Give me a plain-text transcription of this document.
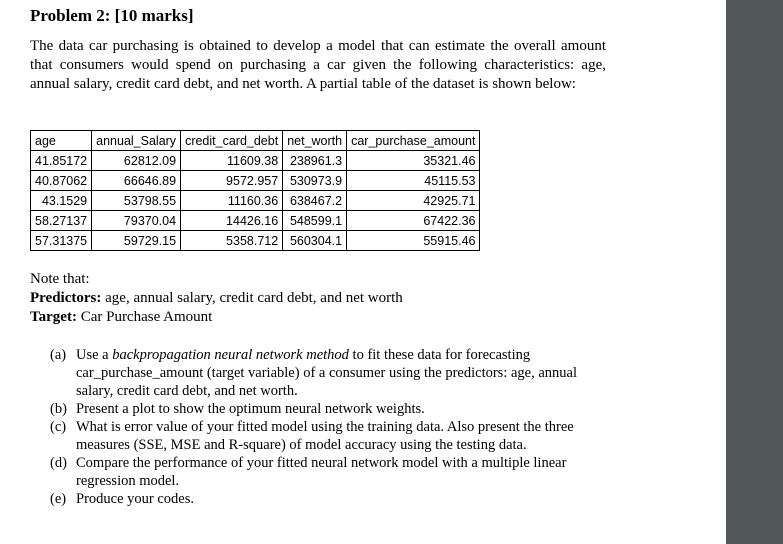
Problem 2: [10 marks]
The data car purchasing is obtained to develop a model that can estimate the overall amount that consumers would spend on purchasing a car given the following characteristics: age, annual salary, credit card debt, and net worth. A partial table of the dataset is shown below:
age	annual_Salary	credit_card_debt	net_worth	car_purchase_amount
41.85172	62812.09	11609.38	238961.3	35321.46
40.87062	66646.89	9572.957	530973.9	45115.53
43.1529	53798.55	11160.36	638467.2	42925.71
58.27137	79370.04	14426.16	548599.1	67422.36
57.31375	59729.15	5358.712	560304.1	55915.46
Note that:
Predictors: age, annual salary, credit card debt, and net worth
Target: Car Purchase Amount
(a) Use a backpropagation neural network method to fit these data for forecasting car_purchase_amount (target variable) of a consumer using the predictors: age, annual salary, credit card debt, and net worth.
(b) Present a plot to show the optimum neural network weights.
(c) What is error value of your fitted model using the training data. Also present the three measures (SSE, MSE and R-square) of model accuracy using the testing data.
(d) Compare the performance of your fitted neural network model with a multiple linear regression model.
(e) Produce your codes.
